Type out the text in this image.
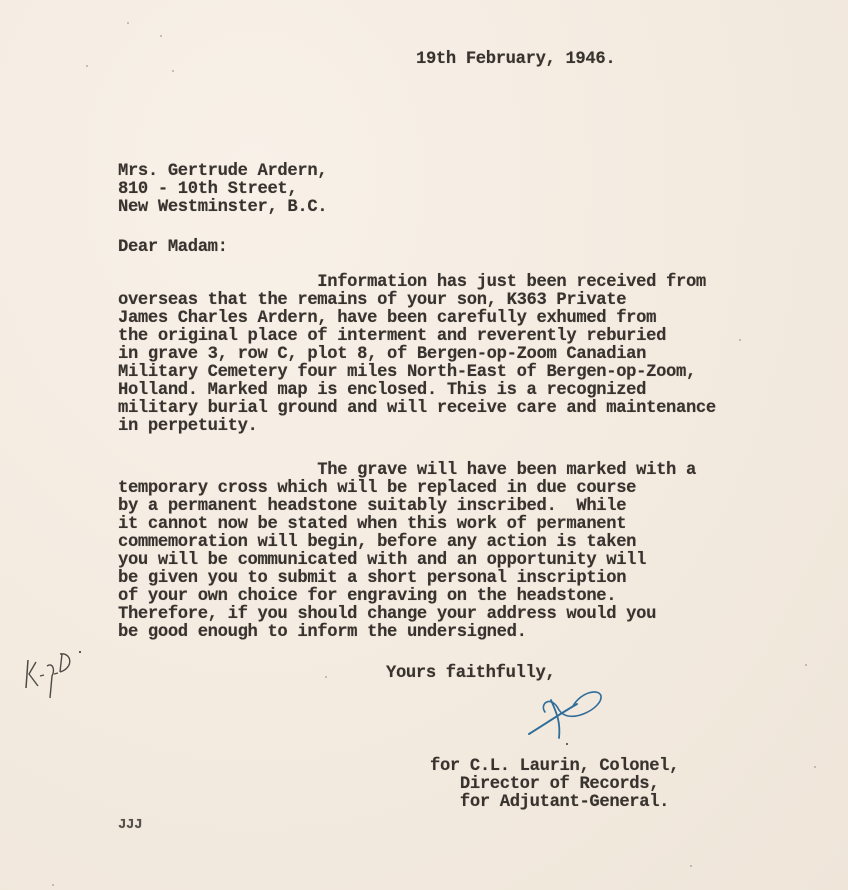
19th February, 1946.
Mrs. Gertrude Ardern,
810 - 10th Street,
New Westminster, B.C.
Dear Madam:
Information has just been received from
overseas that the remains of your son, K363 Private
James Charles Ardern, have been carefully exhumed from
the original place of interment and reverently reburied
in grave 3, row C, plot 8, of Bergen-op-Zoom Canadian
Military Cemetery four miles North-East of Bergen-op-Zoom,
Holland. Marked map is enclosed. This is a recognized
military burial ground and will receive care and maintenance
in perpetuity.
The grave will have been marked with a
temporary cross which will be replaced in due course
by a permanent headstone suitably inscribed.  While
it cannot now be stated when this work of permanent
commemoration will begin, before any action is taken
you will be communicated with and an opportunity will
be given you to submit a short personal inscription
of your own choice for engraving on the headstone.
Therefore, if you should change your address would you
be good enough to inform the undersigned.
Yours faithfully,
for C.L. Laurin, Colonel,
Director of Records,
for Adjutant-General.
JJJ
